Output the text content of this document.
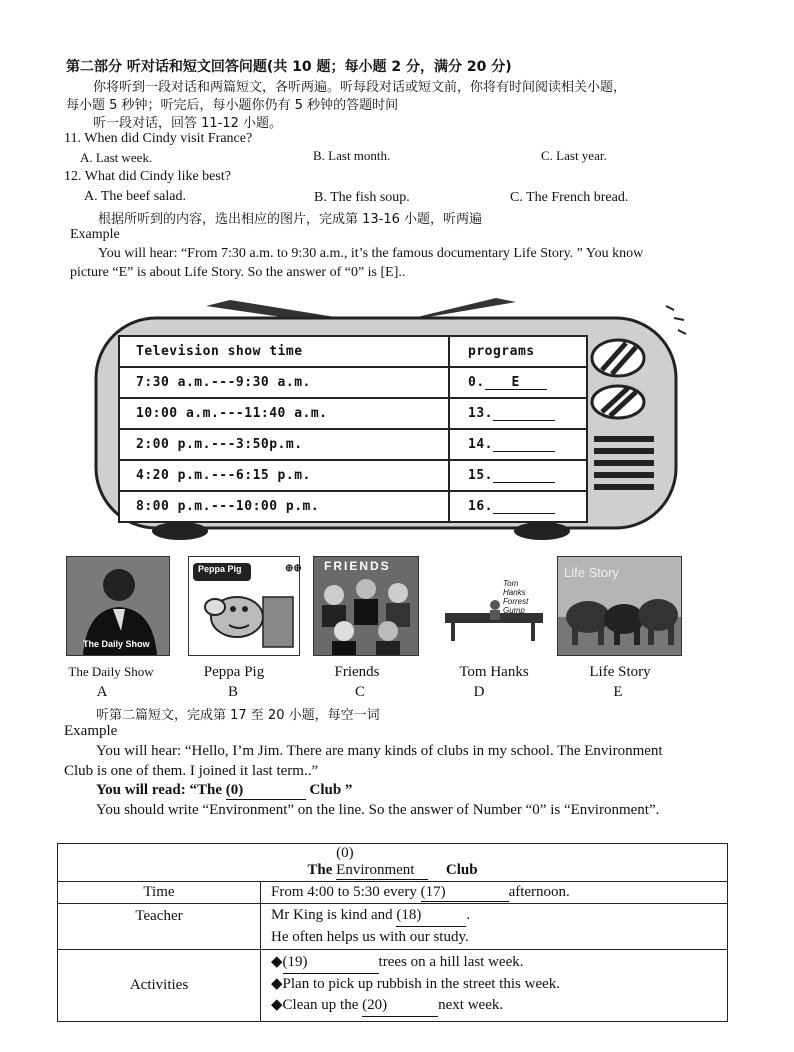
第二部分 听对话和短文回答问题(共 10 题；每小题 2 分，满分 20 分)
你将听到一段对话和两篇短文，各听两遍。听每段对话或短文前，你将有时间阅读相关小题，
每小题 5 秒钟；听完后，每小题你仍有 5 秒钟的答题时间
听一段对话，回答 11-12 小题。
11. When did Cindy visit France?
A. Last week.	B. Last month.	C. Last year.
12. What did Cindy like best?
A. The beef salad.	B. The fish soup.	C. The French bread.
根据所听到的内容，选出相应的图片，完成第 13-16 小题，听两遍
Example
You will hear: “From 7:30 a.m. to 9:30 a.m., it’s the famous documentary Life Story. ” You know
picture “E” is about Life Story. So the answer of “0” is [E]..
Television show time	programs
7:30 a.m.---9:30 a.m.	0. E
10:00 a.m.---11:40 a.m.	13.
2:00 p.m.---3:50p.m.	14.
4:20 p.m.---6:15 p.m.	15.
8:00 p.m.---10:00 p.m.	16.
The Daily Show
⊕⊕
Peppa Pig	FRIENDS
Tom Hanks Forrest Gump
Life Story
The Daily Show	Peppa Pig	Friends	Tom Hanks	Life Story
A	B	C	D	E
听第二篇短文，完成第 17 至 20 小题，每空一词
Example
You will hear: “Hello, I’m Jim. There are many kinds of clubs in my school. The Environment
Club is one of them. I joined it last term..”
You will read: “The (0)	Club ”
You should write “Environment” on the line. So the answer of Number “0” is “Environment”.
The (0) Environment Club	
Time	From 4:00 to 5:30 every (17) afternoon.
Teacher	Mr King is kind and (18) .
He often helps us with our study.
Activities	◆(19) trees on a hill last week.
◆Plan to pick up rubbish in the street this week.
◆Clean up the (20) next week.
